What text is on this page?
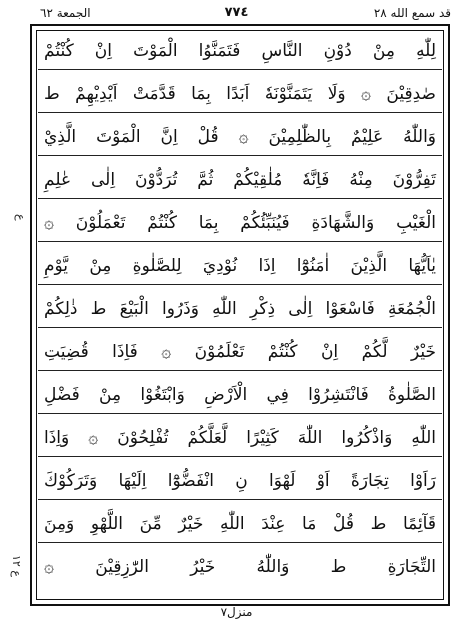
الجمعة ٦٢	٧٧٤	قد سمع الله ٢٨
لِلّٰهِ مِنْ دُوْنِ النَّاسِ فَتَمَنَّوُا الْمَوْتَ اِنْ كُنْتُمْ
صٰدِقِيْنَ ۞ وَلَا يَتَمَنَّوْنَهٗ اَبَدًا بِمَا قَدَّمَتْ اَيْدِيْهِمْ ط
وَاللّٰهُ عَلِيْمٌ بِالظّٰلِمِيْنَ ۞ قُلْ اِنَّ الْمَوْتَ الَّذِيْ
تَفِرُّوْنَ مِنْهُ فَاِنَّهٗ مُلٰقِيْكُمْ ثُمَّ تُرَدُّوْنَ اِلٰى عٰلِمِ
الْغَيْبِ وَالشَّهَادَةِ فَيُنَبِّئُكُمْ بِمَا كُنْتُمْ تَعْمَلُوْنَ ۞
يٰاَيُّهَا الَّذِيْنَ اٰمَنُوْٓا اِذَا نُوْدِيَ لِلصَّلٰوةِ مِنْ يَّوْمِ
الْجُمُعَةِ فَاسْعَوْا اِلٰى ذِكْرِ اللّٰهِ وَذَرُوا الْبَيْعَ ط ذٰلِكُمْ
خَيْرٌ لَّكُمْ اِنْ كُنْتُمْ تَعْلَمُوْنَ ۞ فَاِذَا قُضِيَتِ
الصَّلٰوةُ فَانْتَشِرُوْا فِي الْاَرْضِ وَابْتَغُوْا مِنْ فَضْلِ
اللّٰهِ وَاذْكُرُوا اللّٰهَ كَثِيْرًا لَّعَلَّكُمْ تُفْلِحُوْنَ ۞ وَاِذَا
رَاَوْا تِجَارَةً اَوْ لَهْوَا نِ انْفَضُّوْٓا اِلَيْهَا وَتَرَكُوْكَ
قَآئِمًا ط قُلْ مَا عِنْدَ اللّٰهِ خَيْرٌ مِّنَ اللَّهْوِ وَمِنَ
التِّجَارَةِ ط وَاللّٰهُ خَيْرُ الرّٰزِقِيْنَ ۞
ع
ع ١٢
منزل٧
